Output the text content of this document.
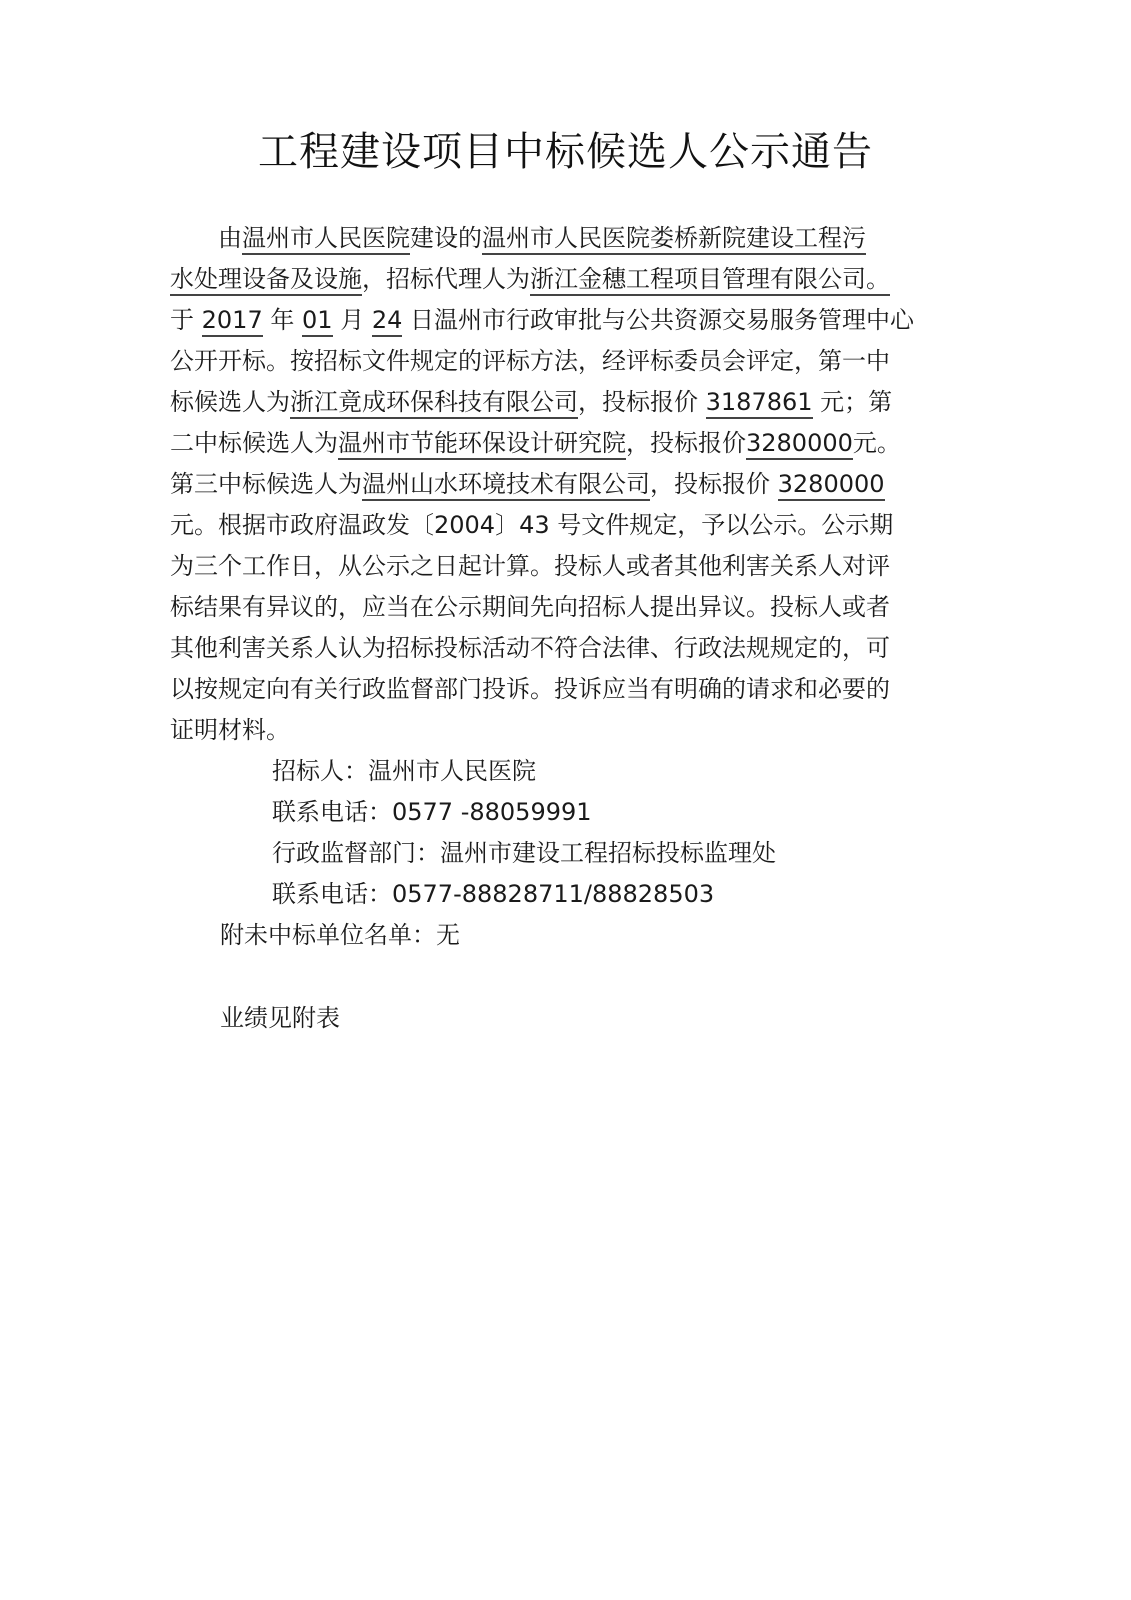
工程建设项目中标候选人公示通告
由温州市人民医院建设的温州市人民医院娄桥新院建设工程污
水处理设备及设施，招标代理人为浙江金穗工程项目管理有限公司。
于 2017 年 01 月 24 日温州市行政审批与公共资源交易服务管理中心
公开开标。按招标文件规定的评标方法，经评标委员会评定，第一中
标候选人为浙江竟成环保科技有限公司，投标报价 3187861 元；第
二中标候选人为温州市节能环保设计研究院，投标报价3280000元。
第三中标候选人为温州山水环境技术有限公司，投标报价 3280000
元。根据市政府温政发〔2004〕43 号文件规定，予以公示。公示期
为三个工作日，从公示之日起计算。投标人或者其他利害关系人对评
标结果有异议的，应当在公示期间先向招标人提出异议。投标人或者
其他利害关系人认为招标投标活动不符合法律、行政法规规定的，可
以按规定向有关行政监督部门投诉。投诉应当有明确的请求和必要的
证明材料。
招标人：温州市人民医院
联系电话：0577 -88059991
行政监督部门：温州市建设工程招标投标监理处
联系电话：0577-88828711/88828503
附未中标单位名单：无
业绩见附表
